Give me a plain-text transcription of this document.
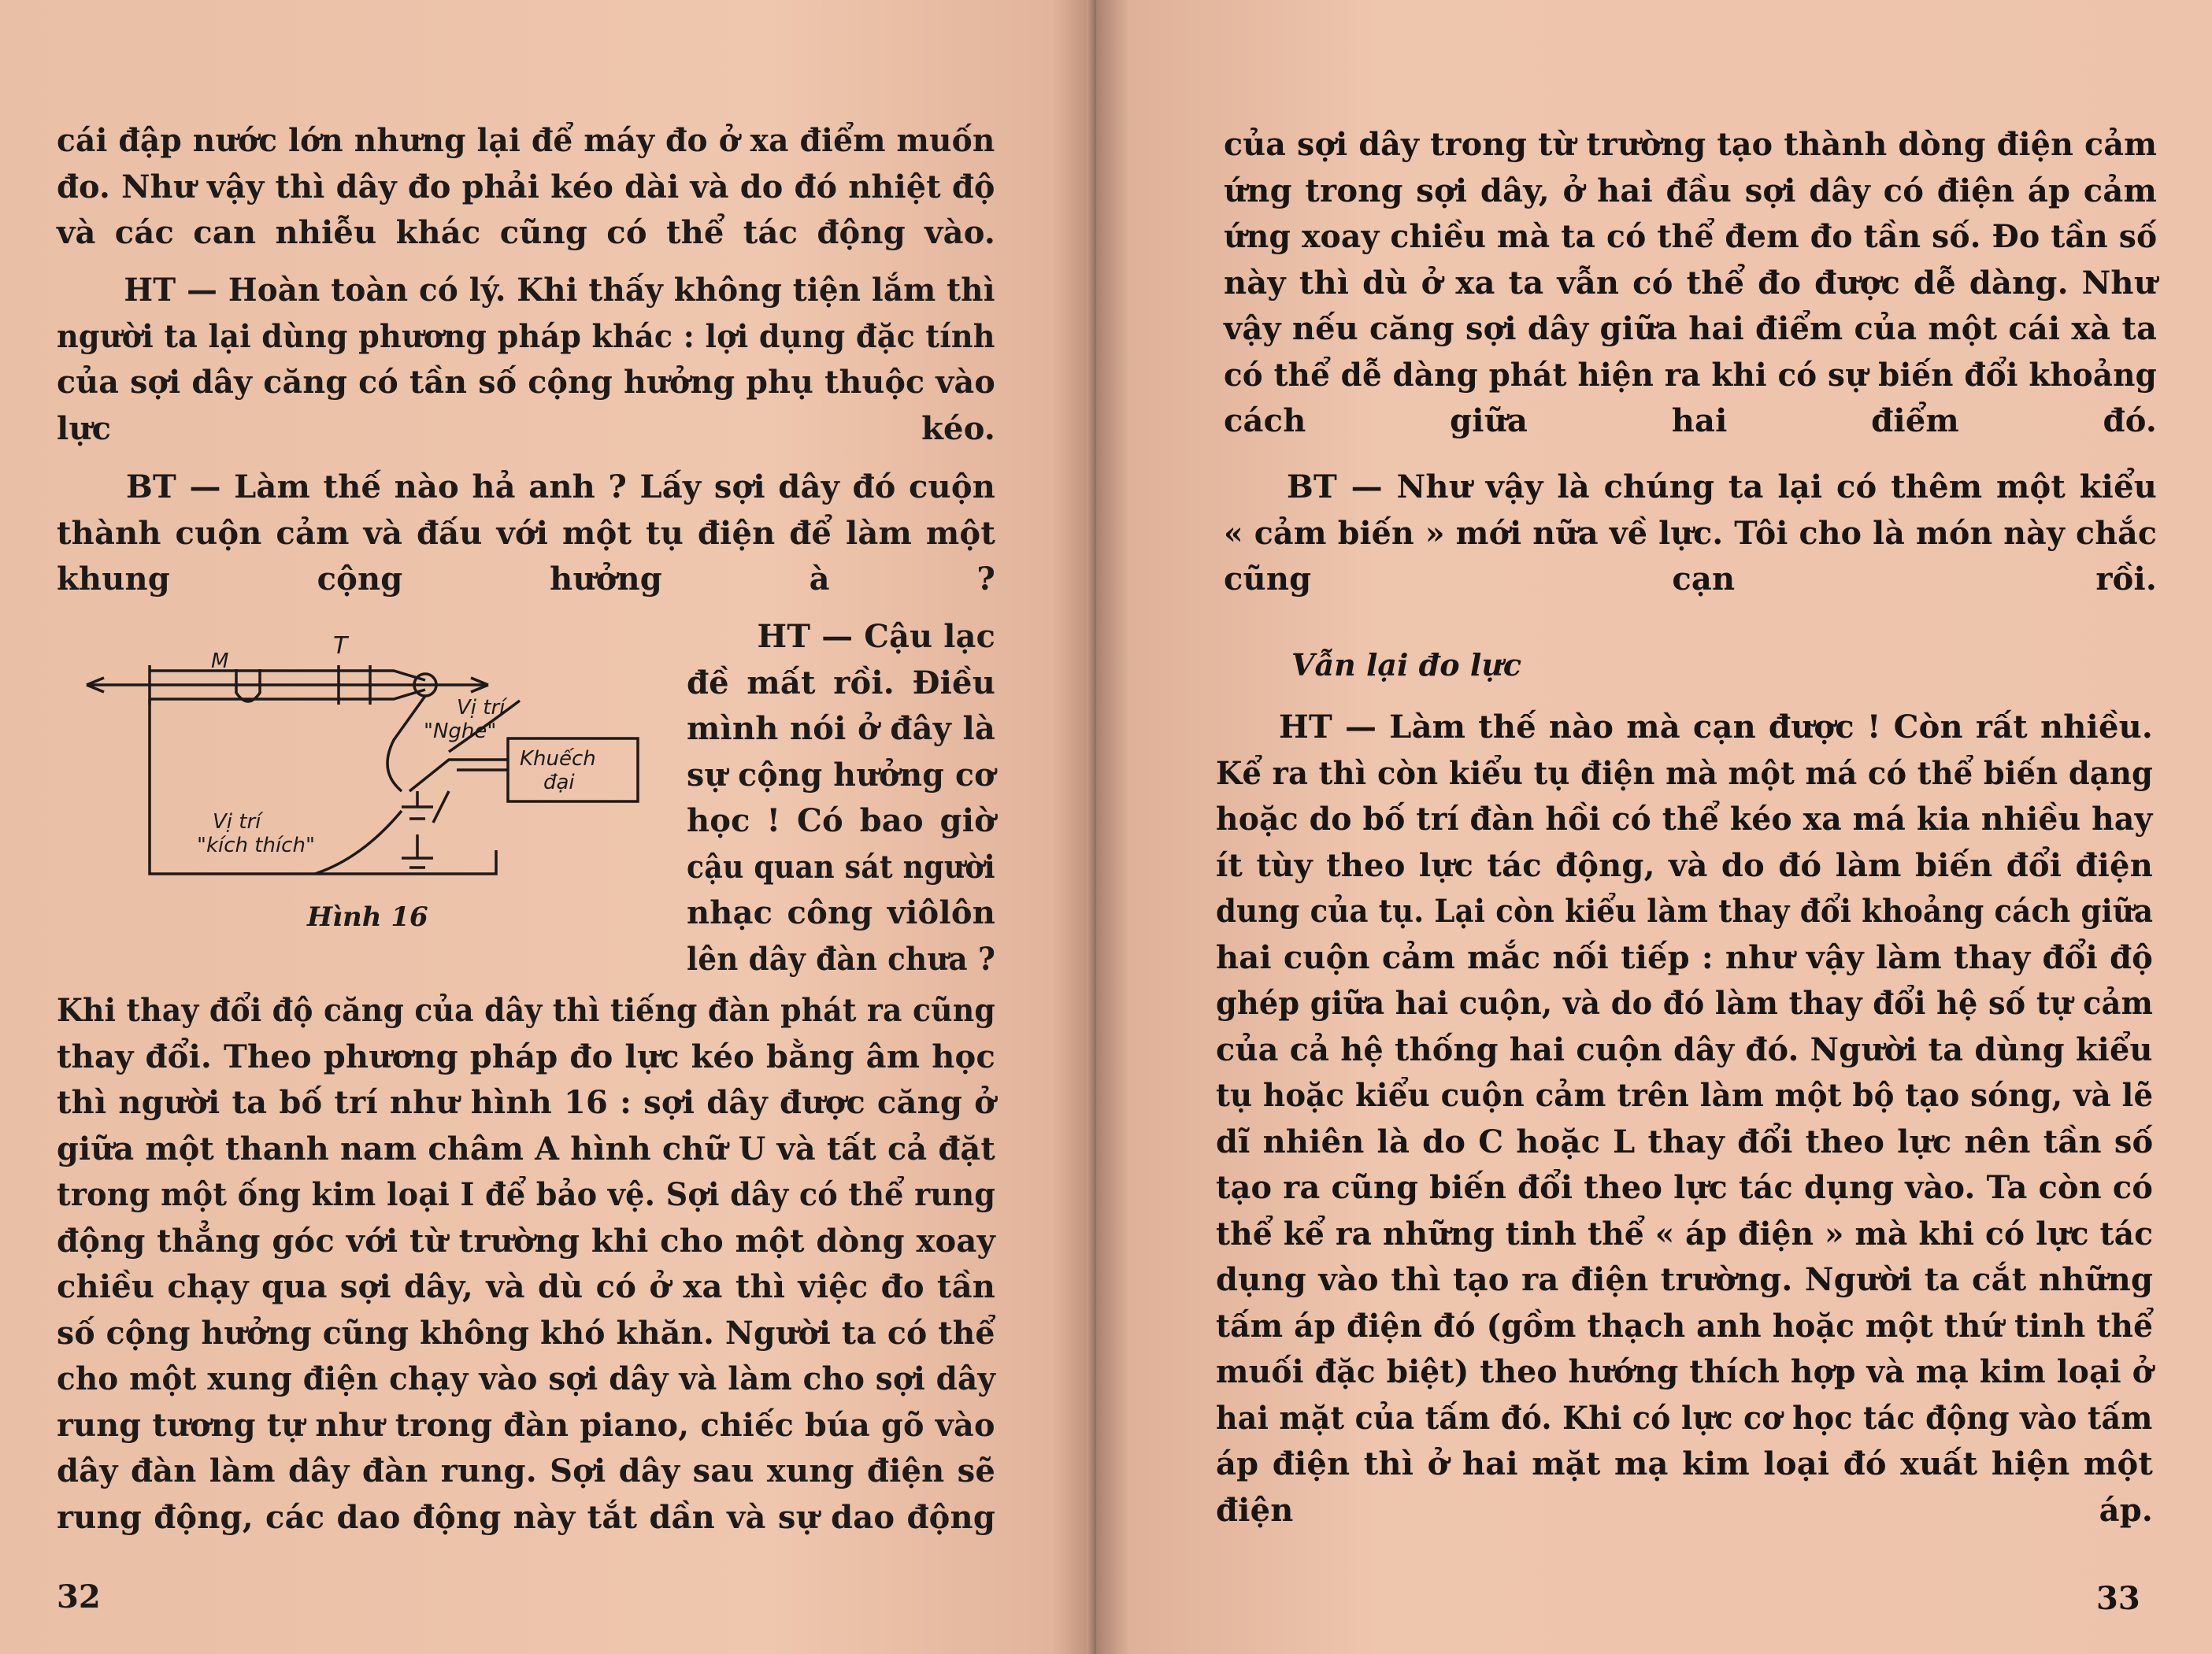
cái đập nước lớn nhưng lại để máy đo ở xa điểm muốn
đo. Như vậy thì dây đo phải kéo dài và do đó nhiệt độ
và các can nhiễu khác cũng có thể tác động vào.
HT — Hoàn toàn có lý. Khi thấy không tiện lắm thì
người ta lại dùng phương pháp khác : lợi dụng đặc tính
của sợi dây căng có tần số cộng hưởng phụ thuộc vào
lực kéo.
BT — Làm thế nào hả anh ? Lấy sợi dây đó cuộn
thành cuộn cảm và đấu với một tụ điện để làm một
khung cộng hưởng à ?
T
M
Vị trí
"Nghe"
Khuếch
đại
Vị trí
"kích thích"
Hình 16
HT — Cậu lạc
đề mất rồi. Điều
mình nói ở đây là
sự cộng hưởng cơ
học ! Có bao giờ
cậu quan sát người
nhạc công viôlôn
lên dây đàn chưa ?
Khi thay đổi độ căng của dây thì tiếng đàn phát ra cũng
thay đổi. Theo phương pháp đo lực kéo bằng âm học
thì người ta bố trí như hình 16 : sợi dây được căng ở
giữa một thanh nam châm A hình chữ U và tất cả đặt
trong một ống kim loại I để bảo vệ. Sợi dây có thể rung
động thẳng góc với từ trường khi cho một dòng xoay
chiều chạy qua sợi dây, và dù có ở xa thì việc đo tần
số cộng hưởng cũng không khó khăn. Người ta có thể
cho một xung điện chạy vào sợi dây và làm cho sợi dây
rung tương tự như trong đàn piano, chiếc búa gõ vào
dây đàn làm dây đàn rung. Sợi dây sau xung điện sẽ
rung động, các dao động này tắt dần và sự dao động
32
của sợi dây trong từ trường tạo thành dòng điện cảm
ứng trong sợi dây, ở hai đầu sợi dây có điện áp cảm
ứng xoay chiều mà ta có thể đem đo tần số. Đo tần số
này thì dù ở xa ta vẫn có thể đo được dễ dàng. Như
vậy nếu căng sợi dây giữa hai điểm của một cái xà ta
có thể dễ dàng phát hiện ra khi có sự biến đổi khoảng
cách giữa hai điểm đó.
BT — Như vậy là chúng ta lại có thêm một kiểu
« cảm biến » mới nữa về lực. Tôi cho là món này chắc
cũng cạn rồi.
Vẫn lại đo lực
HT — Làm thế nào mà cạn được ! Còn rất nhiều.
Kể ra thì còn kiểu tụ điện mà một má có thể biến dạng
hoặc do bố trí đàn hồi có thể kéo xa má kia nhiều hay
ít tùy theo lực tác động, và do đó làm biến đổi điện
dung của tụ. Lại còn kiểu làm thay đổi khoảng cách giữa
hai cuộn cảm mắc nối tiếp : như vậy làm thay đổi độ
ghép giữa hai cuộn, và do đó làm thay đổi hệ số tự cảm
của cả hệ thống hai cuộn dây đó. Người ta dùng kiểu
tụ hoặc kiểu cuộn cảm trên làm một bộ tạo sóng, và lẽ
dĩ nhiên là do C hoặc L thay đổi theo lực nên tần số
tạo ra cũng biến đổi theo lực tác dụng vào. Ta còn có
thể kể ra những tinh thể « áp điện » mà khi có lực tác
dụng vào thì tạo ra điện trường. Người ta cắt những
tấm áp điện đó (gồm thạch anh hoặc một thứ tinh thể
muối đặc biệt) theo hướng thích hợp và mạ kim loại ở
hai mặt của tấm đó. Khi có lực cơ học tác động vào tấm
áp điện thì ở hai mặt mạ kim loại đó xuất hiện một
điện áp.
33
